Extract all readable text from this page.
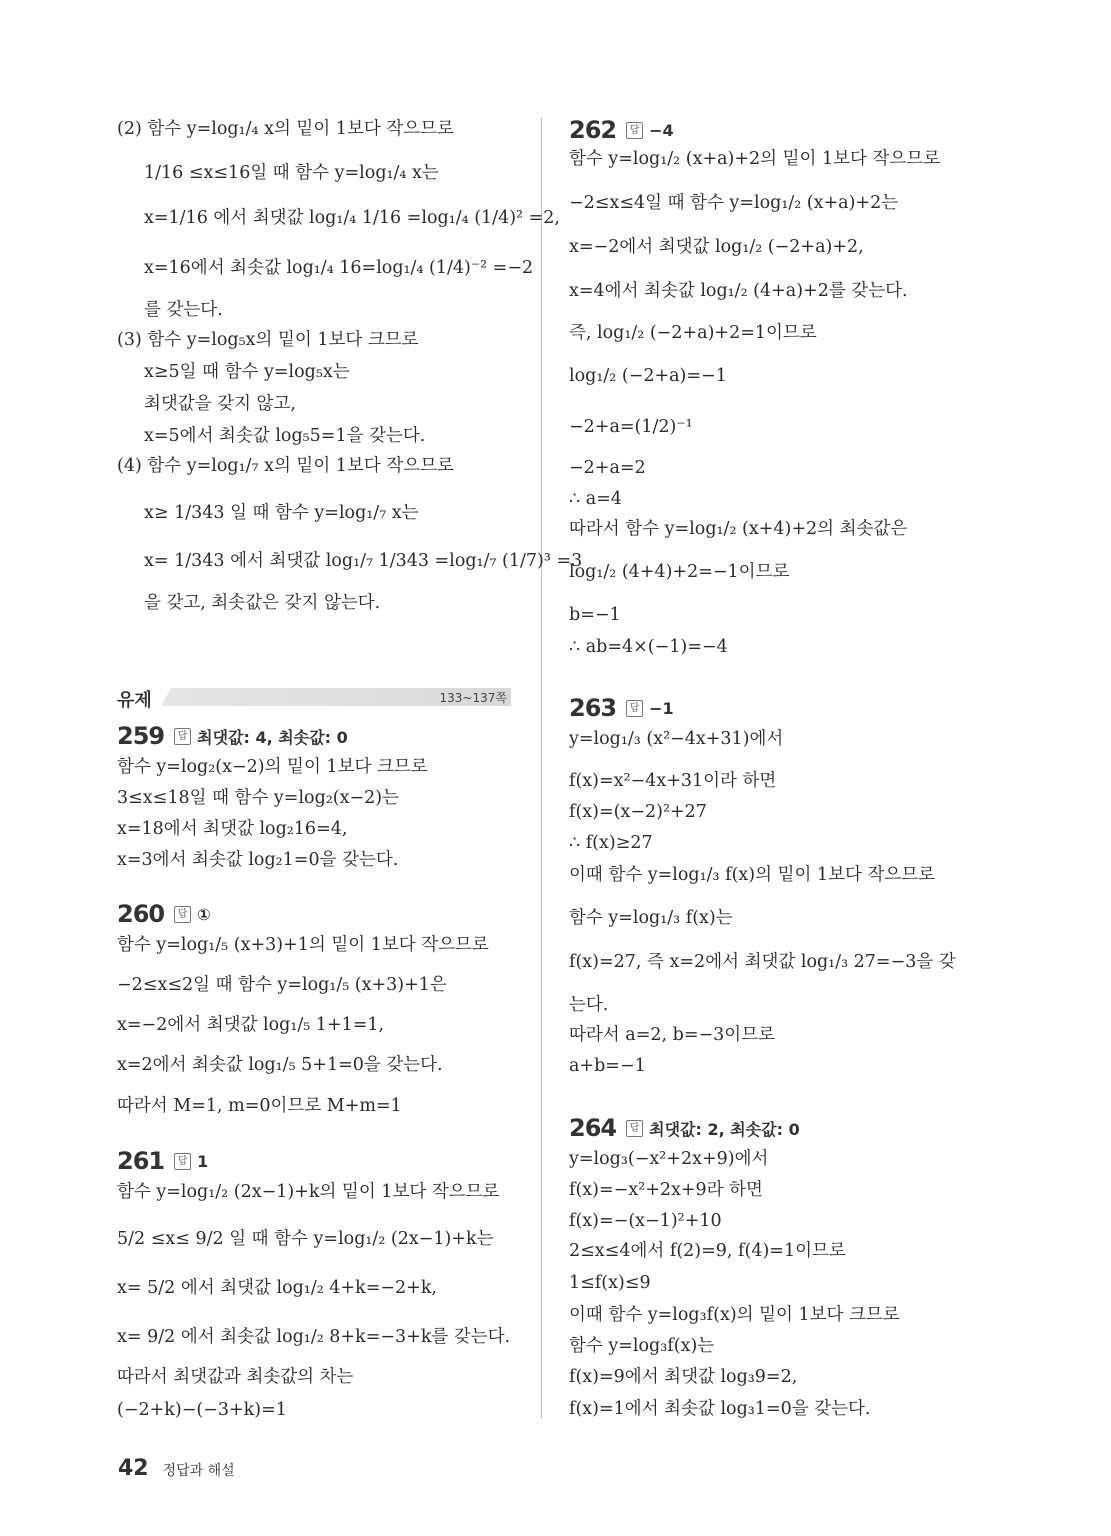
(2) 함수 y=log₁/₄ x의 밑이 1보다 작으므로
1/16 ≤x≤16일 때 함수 y=log₁/₄ x는
x=1/16 에서 최댓값 log₁/₄ 1/16 =log₁/₄ (1/4)² =2,
x=16에서 최솟값 log₁/₄ 16=log₁/₄ (1/4)⁻² =−2
를 갖는다.
(3) 함수 y=log₅x의 밑이 1보다 크므로
x≥5일 때 함수 y=log₅x는
최댓값을 갖지 않고,
x=5에서 최솟값 log₅5=1을 갖는다.
(4) 함수 y=log₁/₇ x의 밑이 1보다 작으므로
x≥ 1/343 일 때 함수 y=log₁/₇ x는
x= 1/343 에서 최댓값 log₁/₇ 1/343 =log₁/₇ (1/7)³ =3
을 갖고, 최솟값은 갖지 않는다.
유제	133~137쪽
259	답 최댓값: 4, 최솟값: 0
함수 y=log₂(x−2)의 밑이 1보다 크므로
3≤x≤18일 때 함수 y=log₂(x−2)는
x=18에서 최댓값 log₂16=4,
x=3에서 최솟값 log₂1=0을 갖는다.
260	답 ①
함수 y=log₁/₅ (x+3)+1의 밑이 1보다 작으므로
−2≤x≤2일 때 함수 y=log₁/₅ (x+3)+1은
x=−2에서 최댓값 log₁/₅ 1+1=1,
x=2에서 최솟값 log₁/₅ 5+1=0을 갖는다.
따라서 M=1, m=0이므로 M+m=1
261	답 1
함수 y=log₁/₂ (2x−1)+k의 밑이 1보다 작으므로
5/2 ≤x≤ 9/2 일 때 함수 y=log₁/₂ (2x−1)+k는
x= 5/2 에서 최댓값 log₁/₂ 4+k=−2+k,
x= 9/2 에서 최솟값 log₁/₂ 8+k=−3+k를 갖는다.
따라서 최댓값과 최솟값의 차는
(−2+k)−(−3+k)=1
262	답 −4
함수 y=log₁/₂ (x+a)+2의 밑이 1보다 작으므로
−2≤x≤4일 때 함수 y=log₁/₂ (x+a)+2는
x=−2에서 최댓값 log₁/₂ (−2+a)+2,
x=4에서 최솟값 log₁/₂ (4+a)+2를 갖는다.
즉, log₁/₂ (−2+a)+2=1이므로
log₁/₂ (−2+a)=−1
−2+a=(1/2)⁻¹
−2+a=2
∴ a=4
따라서 함수 y=log₁/₂ (x+4)+2의 최솟값은
log₁/₂ (4+4)+2=−1이므로
b=−1
∴ ab=4×(−1)=−4
263	답 −1
y=log₁/₃ (x²−4x+31)에서
f(x)=x²−4x+31이라 하면
f(x)=(x−2)²+27
∴ f(x)≥27
이때 함수 y=log₁/₃ f(x)의 밑이 1보다 작으므로
함수 y=log₁/₃ f(x)는
f(x)=27, 즉 x=2에서 최댓값 log₁/₃ 27=−3을 갖
는다.
따라서 a=2, b=−3이므로
a+b=−1
264	답 최댓값: 2, 최솟값: 0
y=log₃(−x²+2x+9)에서
f(x)=−x²+2x+9라 하면
f(x)=−(x−1)²+10
2≤x≤4에서 f(2)=9, f(4)=1이므로
1≤f(x)≤9
이때 함수 y=log₃f(x)의 밑이 1보다 크므로
함수 y=log₃f(x)는
f(x)=9에서 최댓값 log₃9=2,
f(x)=1에서 최솟값 log₃1=0을 갖는다.
42 정답과 해설
